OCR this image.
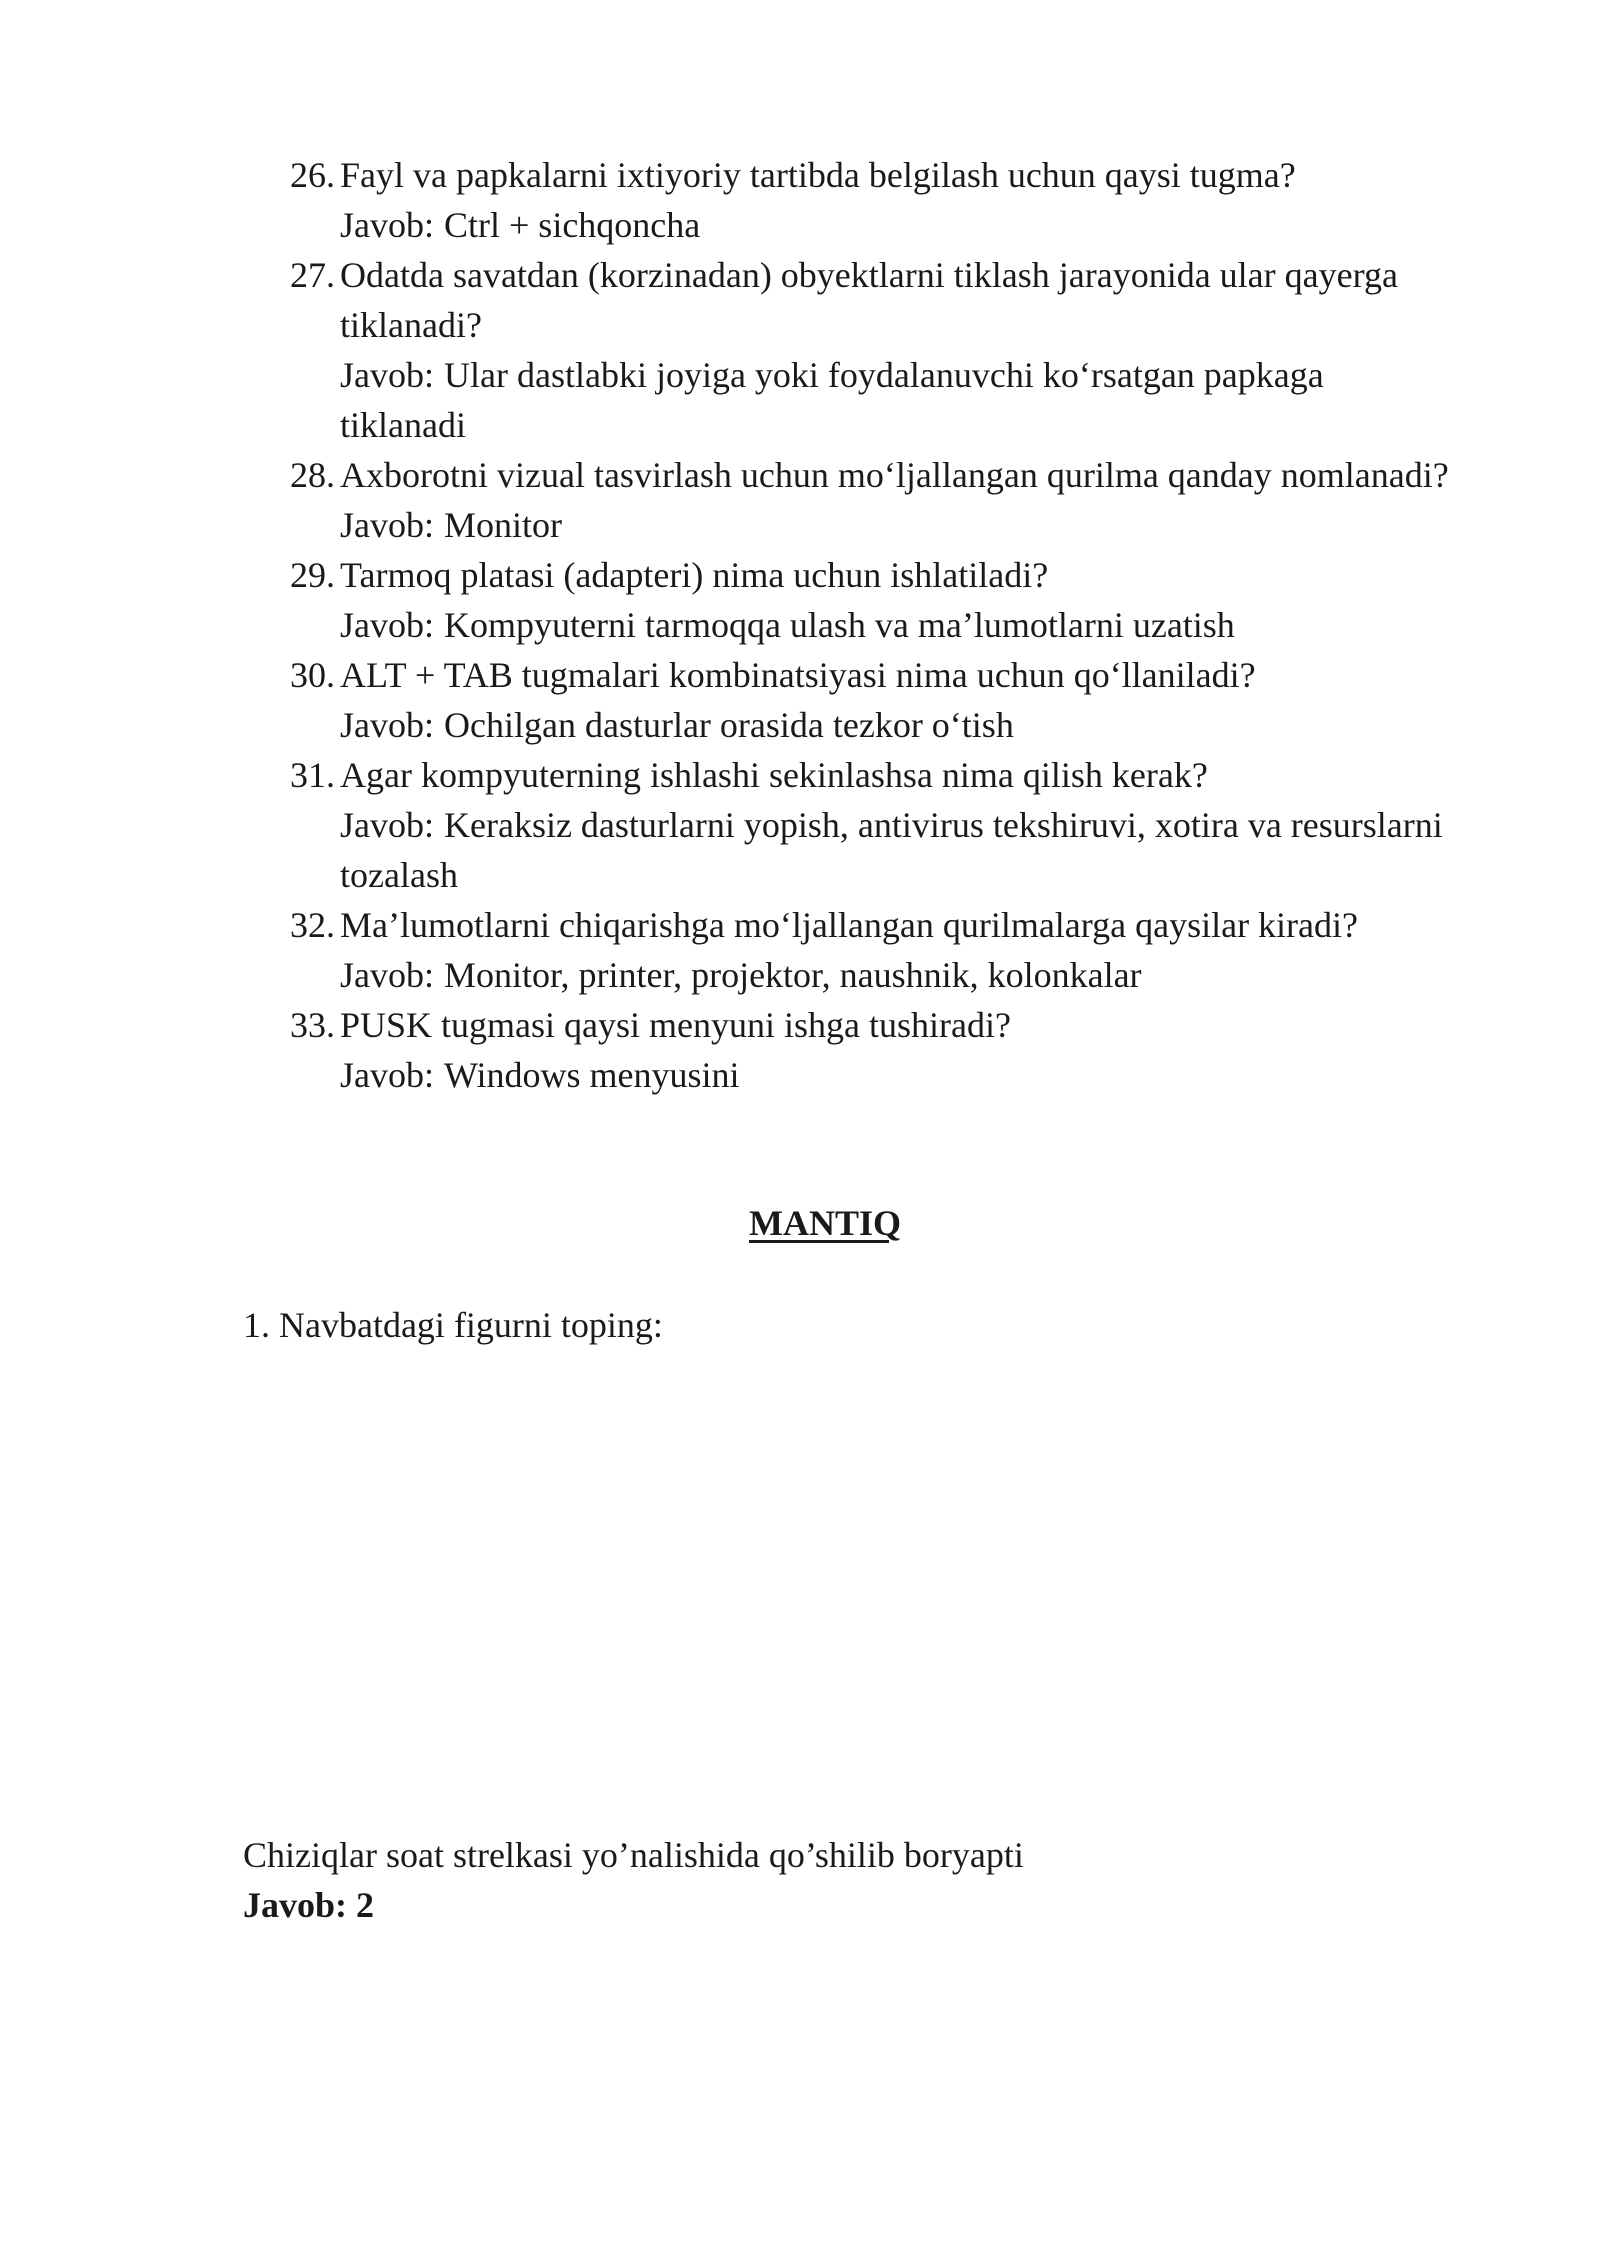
26. Fayl va papkalarni ixtiyoriy tartibda belgilash uchun qaysi tugma?
Javob: Ctrl + sichqoncha
27. Odatda savatdan (korzinadan) obyektlarni tiklash jarayonida ular qayerga tiklanadi?
Javob: Ular dastlabki joyiga yoki foydalanuvchi ko‘rsatgan papkaga tiklanadi
28. Axborotni vizual tasvirlash uchun mo‘ljallangan qurilma qanday nomlanadi?
Javob: Monitor
29. Tarmoq platasi (adapteri) nima uchun ishlatiladi?
Javob: Kompyuterni tarmoqqa ulash va ma’lumotlarni uzatish
30. ALT + TAB tugmalari kombinatsiyasi nima uchun qo‘llaniladi?
Javob: Ochilgan dasturlar orasida tezkor o‘tish
31. Agar kompyuterning ishlashi sekinlashsa nima qilish kerak?
Javob: Keraksiz dasturlarni yopish, antivirus tekshiruvi, xotira va resurslarni tozalash
32. Ma’lumotlarni chiqarishga mo‘ljallangan qurilmalarga qaysilar kiradi?
Javob: Monitor, printer, projektor, naushnik, kolonkalar
33. PUSK tugmasi qaysi menyuni ishga tushiradi?
Javob: Windows menyusini
MANTIQ
1. Navbatdagi figurni toping:
Chiziqlar soat strelkasi yo’nalishida qo’shilib boryapti
Javob: 2
